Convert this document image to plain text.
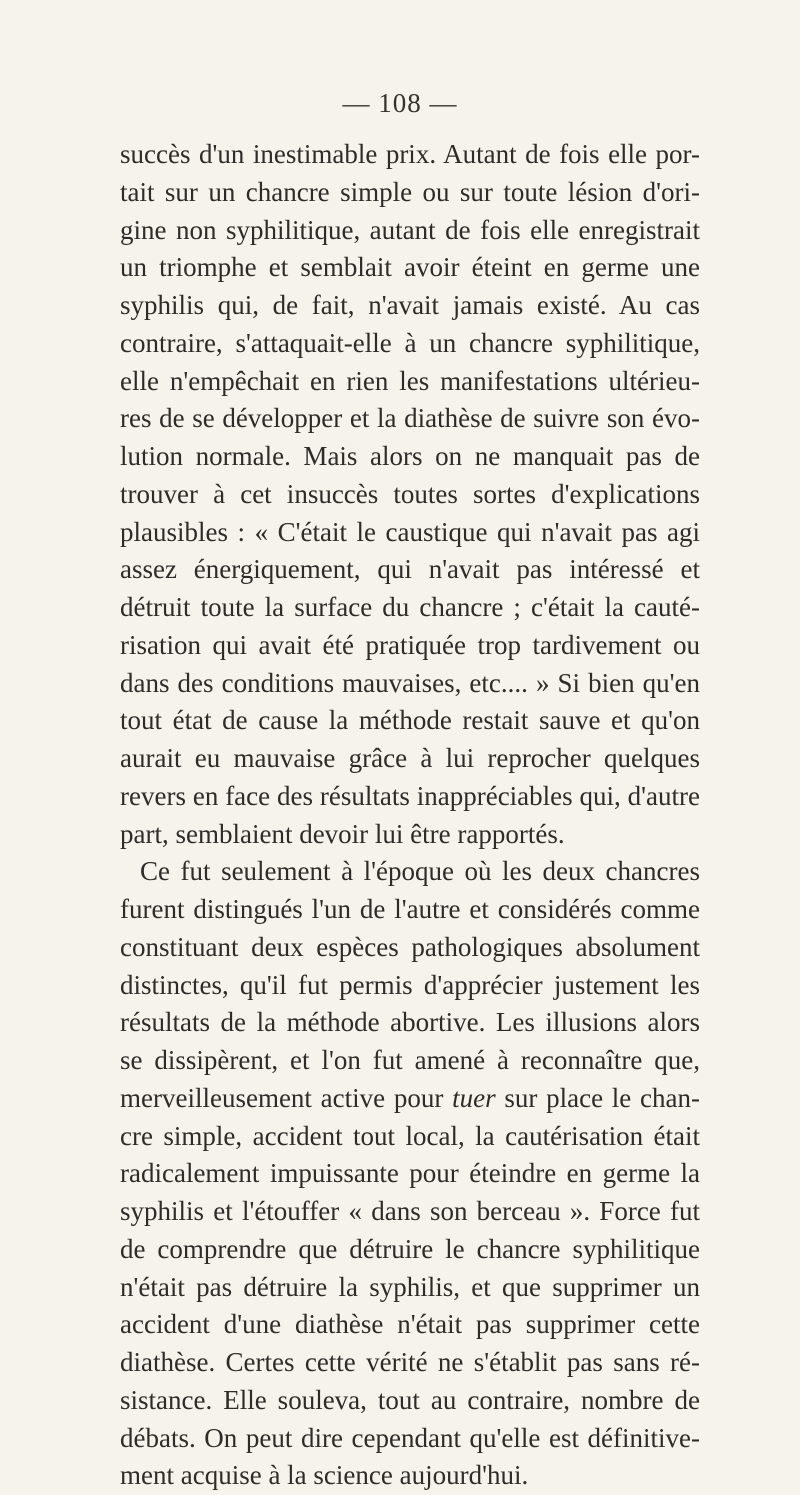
— 108 —
succès d'un inestimable prix. Autant de fois elle por-
tait sur un chancre simple ou sur toute lésion d'ori-
gine non syphilitique, autant de fois elle enregistrait
un triomphe et semblait avoir éteint en germe une
syphilis qui, de fait, n'avait jamais existé. Au cas
contraire, s'attaquait-elle à un chancre syphilitique,
elle n'empêchait en rien les manifestations ultérieu-
res de se développer et la diathèse de suivre son évo-
lution normale. Mais alors on ne manquait pas de
trouver à cet insuccès toutes sortes d'explications
plausibles : « C'était le caustique qui n'avait pas agi
assez énergiquement, qui n'avait pas intéressé et
détruit toute la surface du chancre ; c'était la cauté-
risation qui avait été pratiquée trop tardivement ou
dans des conditions mauvaises, etc.... » Si bien qu'en
tout état de cause la méthode restait sauve et qu'on
aurait eu mauvaise grâce à lui reprocher quelques
revers en face des résultats inappréciables qui, d'autre
part, semblaient devoir lui être rapportés.
Ce fut seulement à l'époque où les deux chancres
furent distingués l'un de l'autre et considérés comme
constituant deux espèces pathologiques absolument
distinctes, qu'il fut permis d'apprécier justement les
résultats de la méthode abortive. Les illusions alors
se dissipèrent, et l'on fut amené à reconnaître que,
merveilleusement active pour tuer sur place le chan-
cre simple, accident tout local, la cautérisation était
radicalement impuissante pour éteindre en germe la
syphilis et l'étouffer « dans son berceau ». Force fut
de comprendre que détruire le chancre syphilitique
n'était pas détruire la syphilis, et que supprimer un
accident d'une diathèse n'était pas supprimer cette
diathèse. Certes cette vérité ne s'établit pas sans ré-
sistance. Elle souleva, tout au contraire, nombre de
débats. On peut dire cependant qu'elle est définitive-
ment acquise à la science aujourd'hui.
